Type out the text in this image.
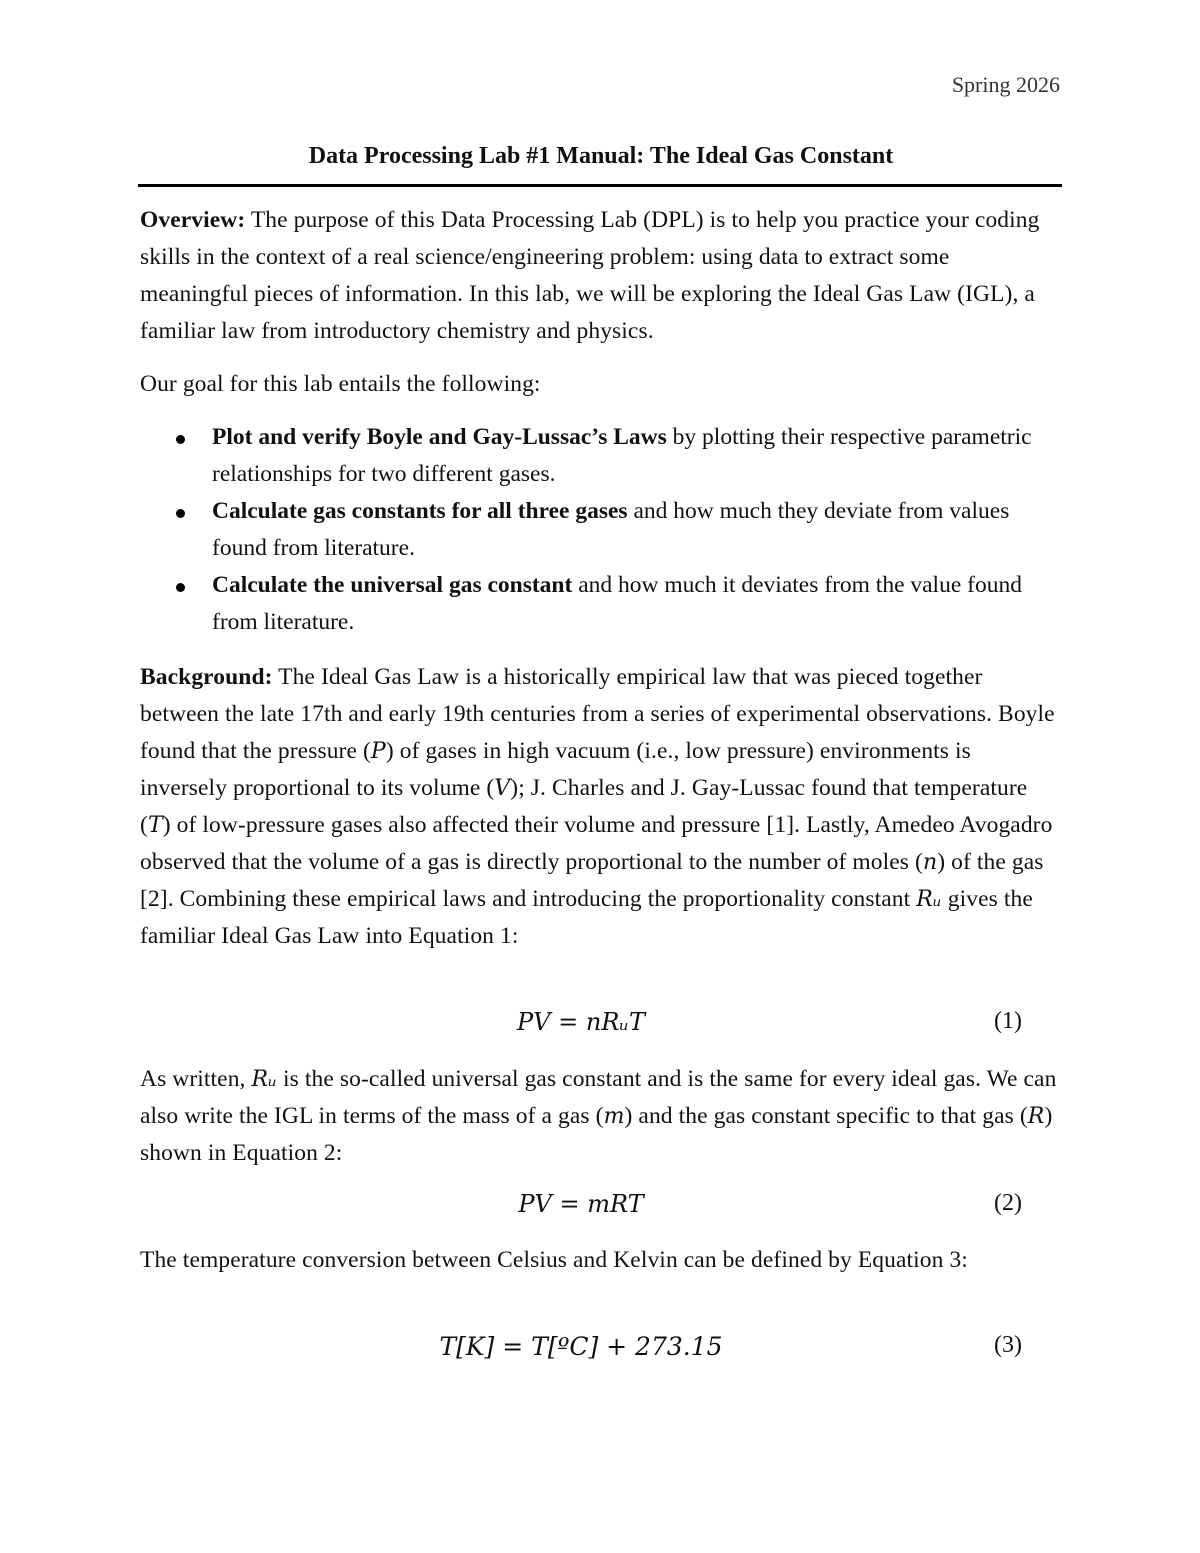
Spring 2026
Data Processing Lab #1 Manual: The Ideal Gas Constant
Overview: The purpose of this Data Processing Lab (DPL) is to help you practice your coding skills in the context of a real science/engineering problem: using data to extract some meaningful pieces of information. In this lab, we will be exploring the Ideal Gas Law (IGL), a familiar law from introductory chemistry and physics.
Our goal for this lab entails the following:
Plot and verify Boyle and Gay-Lussac’s Laws by plotting their respective parametric relationships for two different gases.
Calculate gas constants for all three gases and how much they deviate from values found from literature.
Calculate the universal gas constant and how much it deviates from the value found from literature.
Background: The Ideal Gas Law is a historically empirical law that was pieced together between the late 17th and early 19th centuries from a series of experimental observations. Boyle found that the pressure (P) of gases in high vacuum (i.e., low pressure) environments is inversely proportional to its volume (V); J. Charles and J. Gay-Lussac found that temperature (T) of low-pressure gases also affected their volume and pressure [1]. Lastly, Amedeo Avogadro observed that the volume of a gas is directly proportional to the number of moles (n) of the gas [2]. Combining these empirical laws and introducing the proportionality constant Rᵤ gives the familiar Ideal Gas Law into Equation 1:
PV = nRᵤT	(1)
As written, Rᵤ is the so-called universal gas constant and is the same for every ideal gas. We can also write the IGL in terms of the mass of a gas (m) and the gas constant specific to that gas (R) shown in Equation 2:
PV = mRT	(2)
The temperature conversion between Celsius and Kelvin can be defined by Equation 3:
T[K] = T[ºC] + 273.15	(3)
